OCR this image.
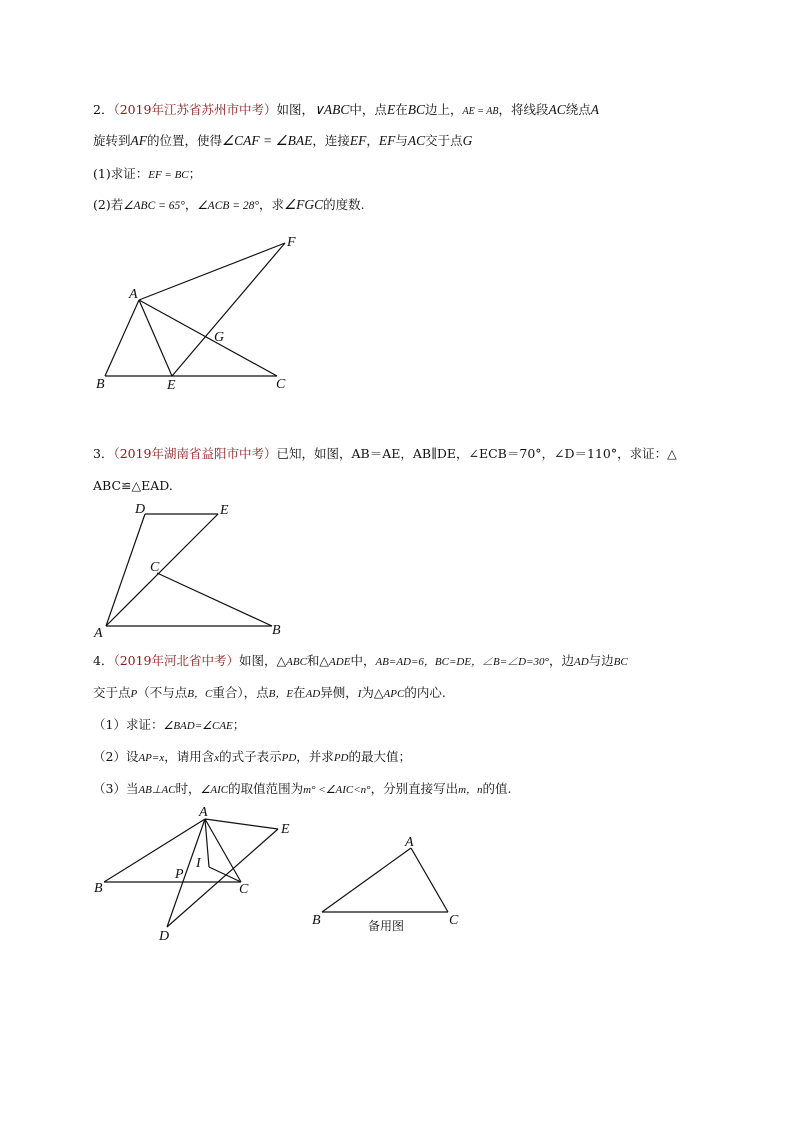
2．（2019年江苏省苏州市中考）如图，∨ABC中，点E在BC边上，AE = AB，将线段AC绕点A
旋转到AF的位置，使得∠CAF = ∠BAE，连接EF，EF与AC交于点G
(1)求证：EF = BC；
(2)若∠ABC = 65°，∠ACB = 28°，求∠FGC的度数.
A
B	C
E
F
G
3．（2019年湖南省益阳市中考）已知，如图，AB＝AE，AB∥DE，∠ECB＝70°，∠D＝110°，求证：△
ABC≌△EAD.
A	B
C
D	E
4．（2019年河北省中考）如图，△ABC和△ADE中，AB=AD=6，BC=DE，∠B=∠D=30°，边AD与边BC
交于点P（不与点B，C重合），点B，E在AD异侧，I为△APC的内心.
（1）求证：∠BAD=∠CAE；
（2）设AP=x，请用含x的式子表示PD，并求PD的最大值；
（3）当AB⊥AC时，∠AIC的取值范围为m° <∠AIC<n°，分别直接写出m，n的值.
A
B	C
D
E
P
I
A
B	C
备用图
